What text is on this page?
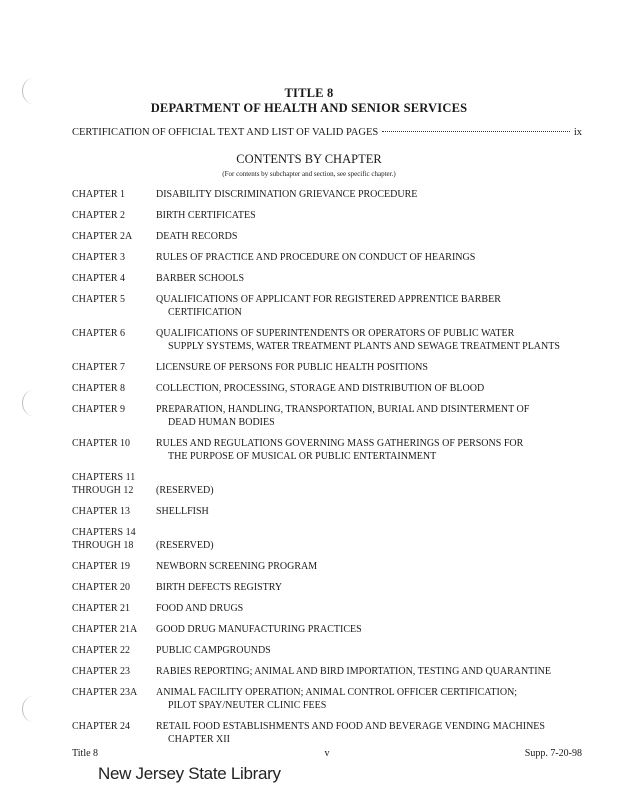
TITLE 8
DEPARTMENT OF HEALTH AND SENIOR SERVICES
CERTIFICATION OF OFFICIAL TEXT AND LIST OF VALID PAGES	ix
CONTENTS BY CHAPTER
(For contents by subchapter and section, see specific chapter.)
CHAPTER 1	DISABILITY DISCRIMINATION GRIEVANCE PROCEDURE
CHAPTER 2	BIRTH CERTIFICATES
CHAPTER 2A	DEATH RECORDS
CHAPTER 3	RULES OF PRACTICE AND PROCEDURE ON CONDUCT OF HEARINGS
CHAPTER 4	BARBER SCHOOLS
CHAPTER 5	QUALIFICATIONS OF APPLICANT FOR REGISTERED APPRENTICE BARBER
CERTIFICATION
CHAPTER 6	QUALIFICATIONS OF SUPERINTENDENTS OR OPERATORS OF PUBLIC WATER
SUPPLY SYSTEMS, WATER TREATMENT PLANTS AND SEWAGE TREATMENT PLANTS
CHAPTER 7	LICENSURE OF PERSONS FOR PUBLIC HEALTH POSITIONS
CHAPTER 8	COLLECTION, PROCESSING, STORAGE AND DISTRIBUTION OF BLOOD
CHAPTER 9	PREPARATION, HANDLING, TRANSPORTATION, BURIAL AND DISINTERMENT OF
DEAD HUMAN BODIES
CHAPTER 10	RULES AND REGULATIONS GOVERNING MASS GATHERINGS OF PERSONS FOR
THE PURPOSE OF MUSICAL OR PUBLIC ENTERTAINMENT
CHAPTERS 11
THROUGH 12
	(RESERVED)
CHAPTER 13	SHELLFISH
CHAPTERS 14
THROUGH 18
	(RESERVED)
CHAPTER 19	NEWBORN SCREENING PROGRAM
CHAPTER 20	BIRTH DEFECTS REGISTRY
CHAPTER 21	FOOD AND DRUGS
CHAPTER 21A	GOOD DRUG MANUFACTURING PRACTICES
CHAPTER 22	PUBLIC CAMPGROUNDS
CHAPTER 23	RABIES REPORTING; ANIMAL AND BIRD IMPORTATION, TESTING AND QUARANTINE
CHAPTER 23A	ANIMAL FACILITY OPERATION; ANIMAL CONTROL OFFICER CERTIFICATION;
PILOT SPAY/NEUTER CLINIC FEES
CHAPTER 24	RETAIL FOOD ESTABLISHMENTS AND FOOD AND BEVERAGE VENDING MACHINES
CHAPTER XII
Title 8	v	Supp. 7-20-98
New Jersey State Library
